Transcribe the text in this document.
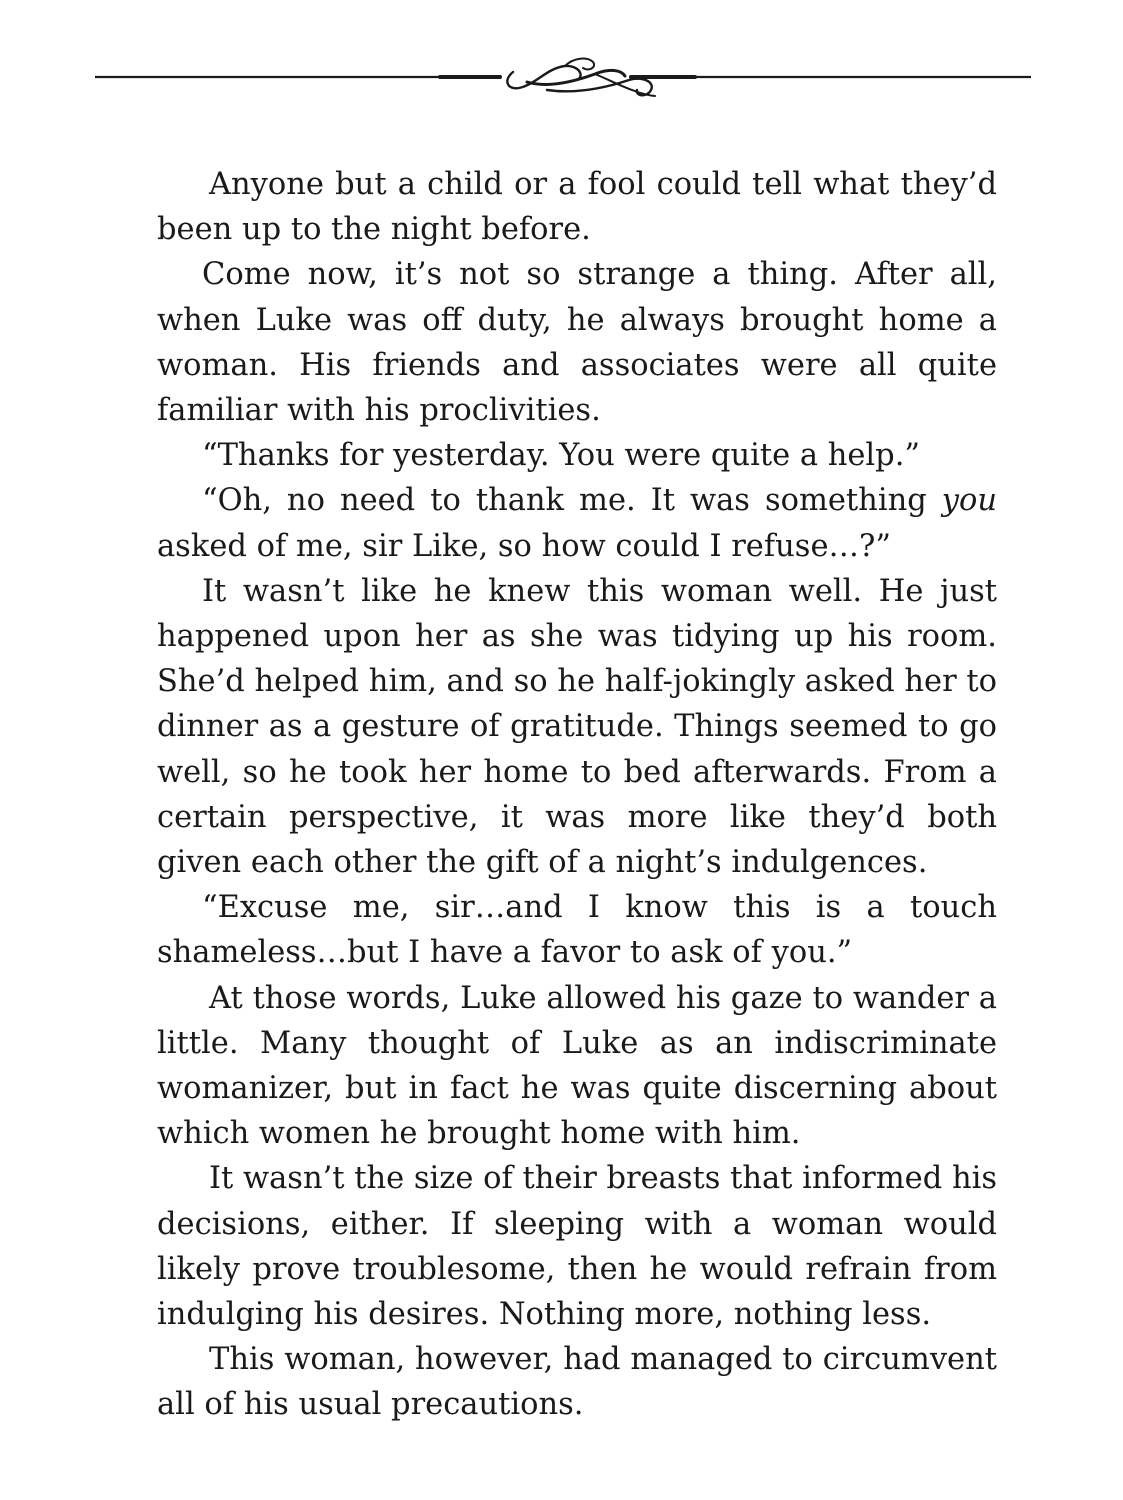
Anyone but a child or a fool could tell what they’d been up to the night before.

Come now, it’s not so strange a thing. After all, when Luke was off duty, he always brought home a woman. His friends and associates were all quite familiar with his proclivities.

“Thanks for yesterday. You were quite a help.”

“Oh, no need to thank me. It was something you asked of me, sir Like, so how could I refuse…?”

It wasn’t like he knew this woman well. He just happened upon her as she was tidying up his room. She’d helped him, and so he half-jokingly asked her to dinner as a gesture of gratitude. Things seemed to go well, so he took her home to bed afterwards. From a certain perspective, it was more like they’d both given each other the gift of a night’s indulgences.

“Excuse me, sir…and I know this is a touch shameless…but I have a favor to ask of you.”

At those words, Luke allowed his gaze to wander a little. Many thought of Luke as an indiscriminate womanizer, but in fact he was quite discerning about which women he brought home with him.

It wasn’t the size of their breasts that informed his decisions, either. If sleeping with a woman would likely prove troublesome, then he would refrain from indulging his desires. Nothing more, nothing less.

This woman, however, had managed to circumvent all of his usual precautions.
